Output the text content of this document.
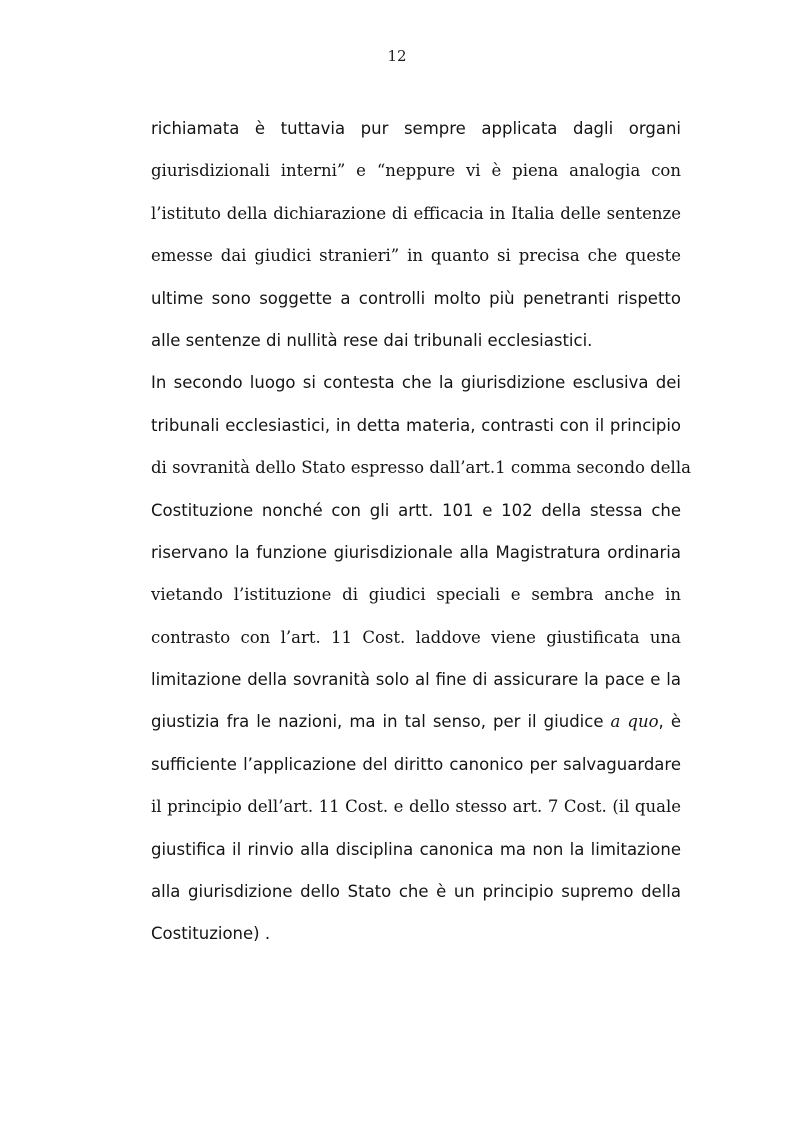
12
richiamata è tuttavia pur sempre applicata dagli organi
giurisdizionali interni” e “neppure vi è piena analogia con
l’istituto della dichiarazione di efficacia in Italia delle sentenze
emesse dai giudici stranieri” in quanto si precisa che queste
ultime sono soggette a controlli molto più penetranti rispetto
alle sentenze di nullità rese dai tribunali ecclesiastici.
In secondo luogo si contesta che la giurisdizione esclusiva dei
tribunali ecclesiastici, in detta materia, contrasti con il principio
di sovranità dello Stato espresso dall’art.1 comma secondo della
Costituzione nonché con gli artt. 101 e 102 della stessa che
riservano la funzione giurisdizionale alla Magistratura ordinaria
vietando l’istituzione di giudici speciali e sembra anche in
contrasto con l’art. 11 Cost. laddove viene giustificata una
limitazione della sovranità solo al fine di assicurare la pace e la
giustizia fra le nazioni, ma in tal senso, per il giudice a quo, è
sufficiente l’applicazione del diritto canonico per salvaguardare
il principio dell’art. 11 Cost. e dello stesso art. 7 Cost. (il quale
giustifica il rinvio alla disciplina canonica ma non la limitazione
alla giurisdizione dello Stato che è un principio supremo della
Costituzione) .
